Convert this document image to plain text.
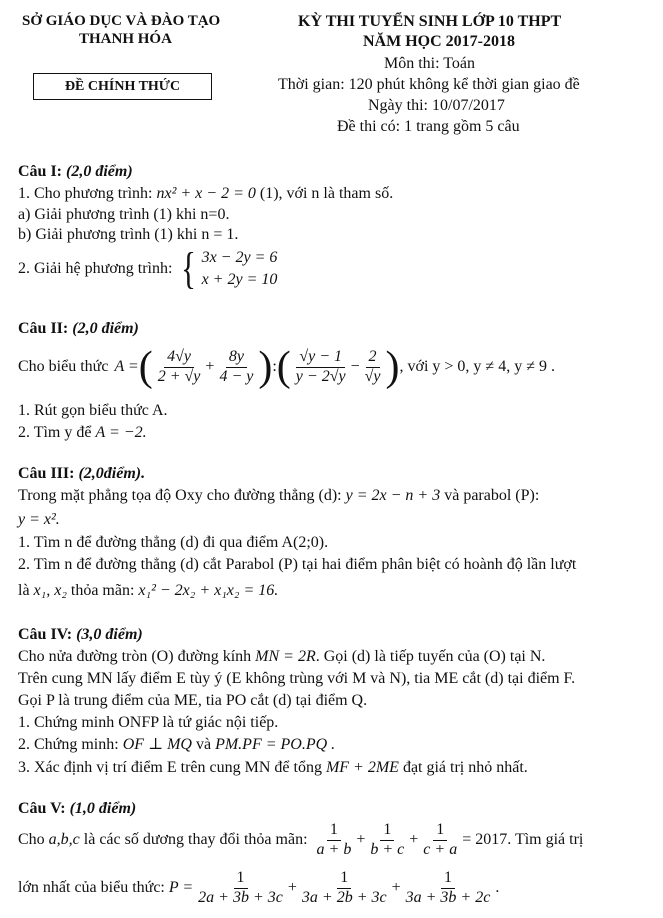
SỞ GIÁO DỤC VÀ ĐÀO TẠO
THANH HÓA
ĐỀ CHÍNH THỨC
KỲ THI TUYỂN SINH LỚP 10 THPT
NĂM HỌC 2017-2018
Môn thi: Toán
Thời gian: 120 phút không kể thời gian giao đề
Ngày thi: 10/07/2017
Đề thi có: 1 trang gồm 5 câu
Câu I: (2,0 điểm)
1. Cho phương trình: nx² + x − 2 = 0 (1), với n là tham số.
a) Giải phương trình (1) khi n=0.
b) Giải phương trình (1) khi n = 1.
2. Giải hệ phương trình: { 3x − 2y = 6
x + 2y = 10
Câu II: (2,0 điểm)
Cho biểu thức A = ( $\frac{4√y}{2 + √y} + \frac{8y}{4 - y}$ ) : ( $\frac{√y - 1}{y - 2√y} - \frac{2}{√y}$ ) , với y > 0, y ≠ 4, y ≠ 9 .
1. Rút gọn biểu thức A.
2. Tìm y để A = −2.
Câu III: (2,0điểm).
Trong mặt phẳng tọa độ Oxy cho đường thẳng (d): y = 2x − n + 3 và parabol (P):
y = x².
1. Tìm n để đường thẳng (d) đi qua điểm A(2;0).
2. Tìm n để đường thẳng (d) cắt Parabol (P) tại hai điểm phân biệt có hoành độ lần lượt
là x₁, x₂ thỏa mãn: x₁² − 2x₂ + x₁x₂ = 16.
Câu IV: (3,0 điểm)
Cho nửa đường tròn (O) đường kính MN = 2R. Gọi (d) là tiếp tuyến của (O) tại N.
Trên cung MN lấy điểm E tùy ý (E không trùng với M và N), tia ME cắt (d) tại điểm F.
Gọi P là trung điểm của ME, tia PO cắt (d) tại điểm Q.
1. Chứng minh ONFP là tứ giác nội tiếp.
2. Chứng minh: OF ⊥ MQ và PM.PF = PO.PQ .
3. Xác định vị trí điểm E trên cung MN để tổng MF + 2ME đạt giá trị nhỏ nhất.
Câu V: (1,0 điểm)
Cho
a,b,c
là các số dương thay đổi thỏa mãn: $\frac{1}{a + b} + \frac{1}{b + c} + \frac{1}{c + a} = 2017$ . Tìm giá trị
lớn nhất của biểu thức:
$P = \frac{1}{2a + 3b + 3c} + \frac{1}{3a + 2b + 3c} + \frac{1}{3a + 3b + 2c}$ .
